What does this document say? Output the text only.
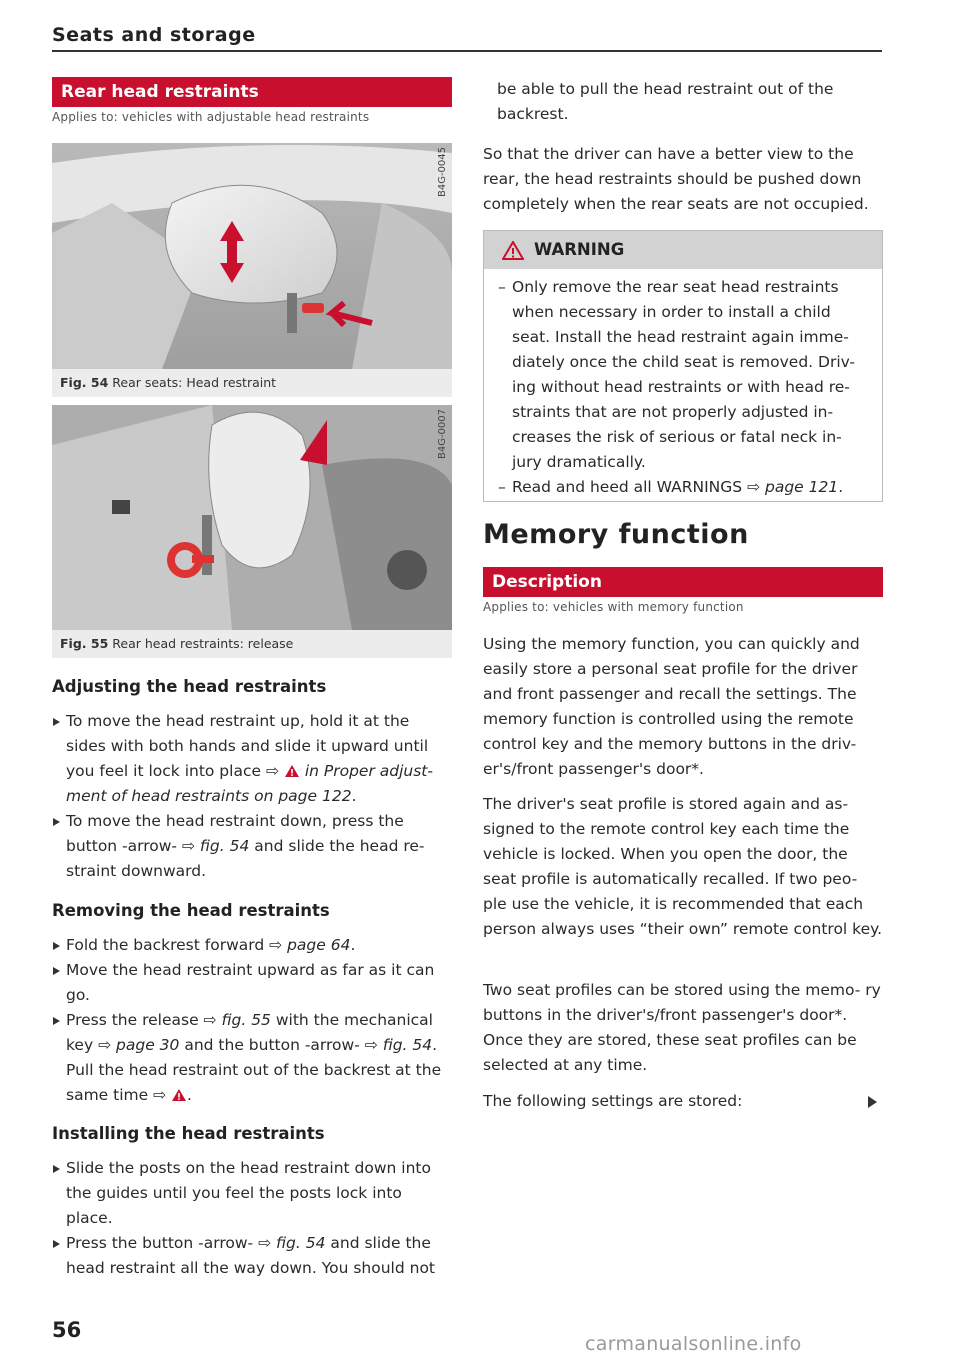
Seats and storage
Rear head restraints
Applies to: vehicles with adjustable head restraints
B4G-0045
Fig. 54 Rear seats: Head restraint
B4G-0007
Fig. 55 Rear head restraints: release
Adjusting the head restraints

To move the head restraint up, hold it at the sides with both hands and slide it upward until you feel it lock into place ⇨ in Proper adjust- ment of head restraints on page 122.

To move the head restraint down, press the button -arrow- ⇨ fig. 54 and slide the head re- straint downward.

Removing the head restraints

Fold the backrest forward ⇨ page 64.

Move the head restraint upward as far as it can go.

Press the release ⇨ fig. 55 with the mechanical key ⇨ page 30 and the button -arrow- ⇨ fig. 54. Pull the head restraint out of the backrest at the same time ⇨ .

Installing the head restraints

Slide the posts on the head restraint down into the guides until you feel the posts lock into place.

Press the button -arrow- ⇨ fig. 54 and slide the head restraint all the way down. You should not

be able to pull the head restraint out of the backrest.

So that the driver can have a better view to the rear, the head restraints should be pushed down completely when the rear seats are not occupied.

WARNING

– Only remove the rear seat head restraints when necessary in order to install a child seat. Install the head restraint again imme- diately once the child seat is removed. Driv- ing without head restraints or with head re- straints that are not properly adjusted in- creases the risk of serious or fatal neck in- jury dramatically.

– Read and heed all WARNINGS ⇨ page 121.

Memory function
Description
Applies to: vehicles with memory function

Using the memory function, you can quickly and easily store a personal seat profile for the driver and front passenger and recall the settings. The memory function is controlled using the remote control key and the memory buttons in the driv- er's/front passenger's door*.

The driver's seat profile is stored again and as- signed to the remote control key each time the vehicle is locked. When you open the door, the seat profile is automatically recalled. If two peo- ple use the vehicle, it is recommended that each person always uses “their own” remote control key.

Two seat profiles can be stored using the memo- ry buttons in the driver's/front passenger's door*. Once they are stored, these seat profiles can be selected at any time.

The following settings are stored:

56
carmanualsonline.info
